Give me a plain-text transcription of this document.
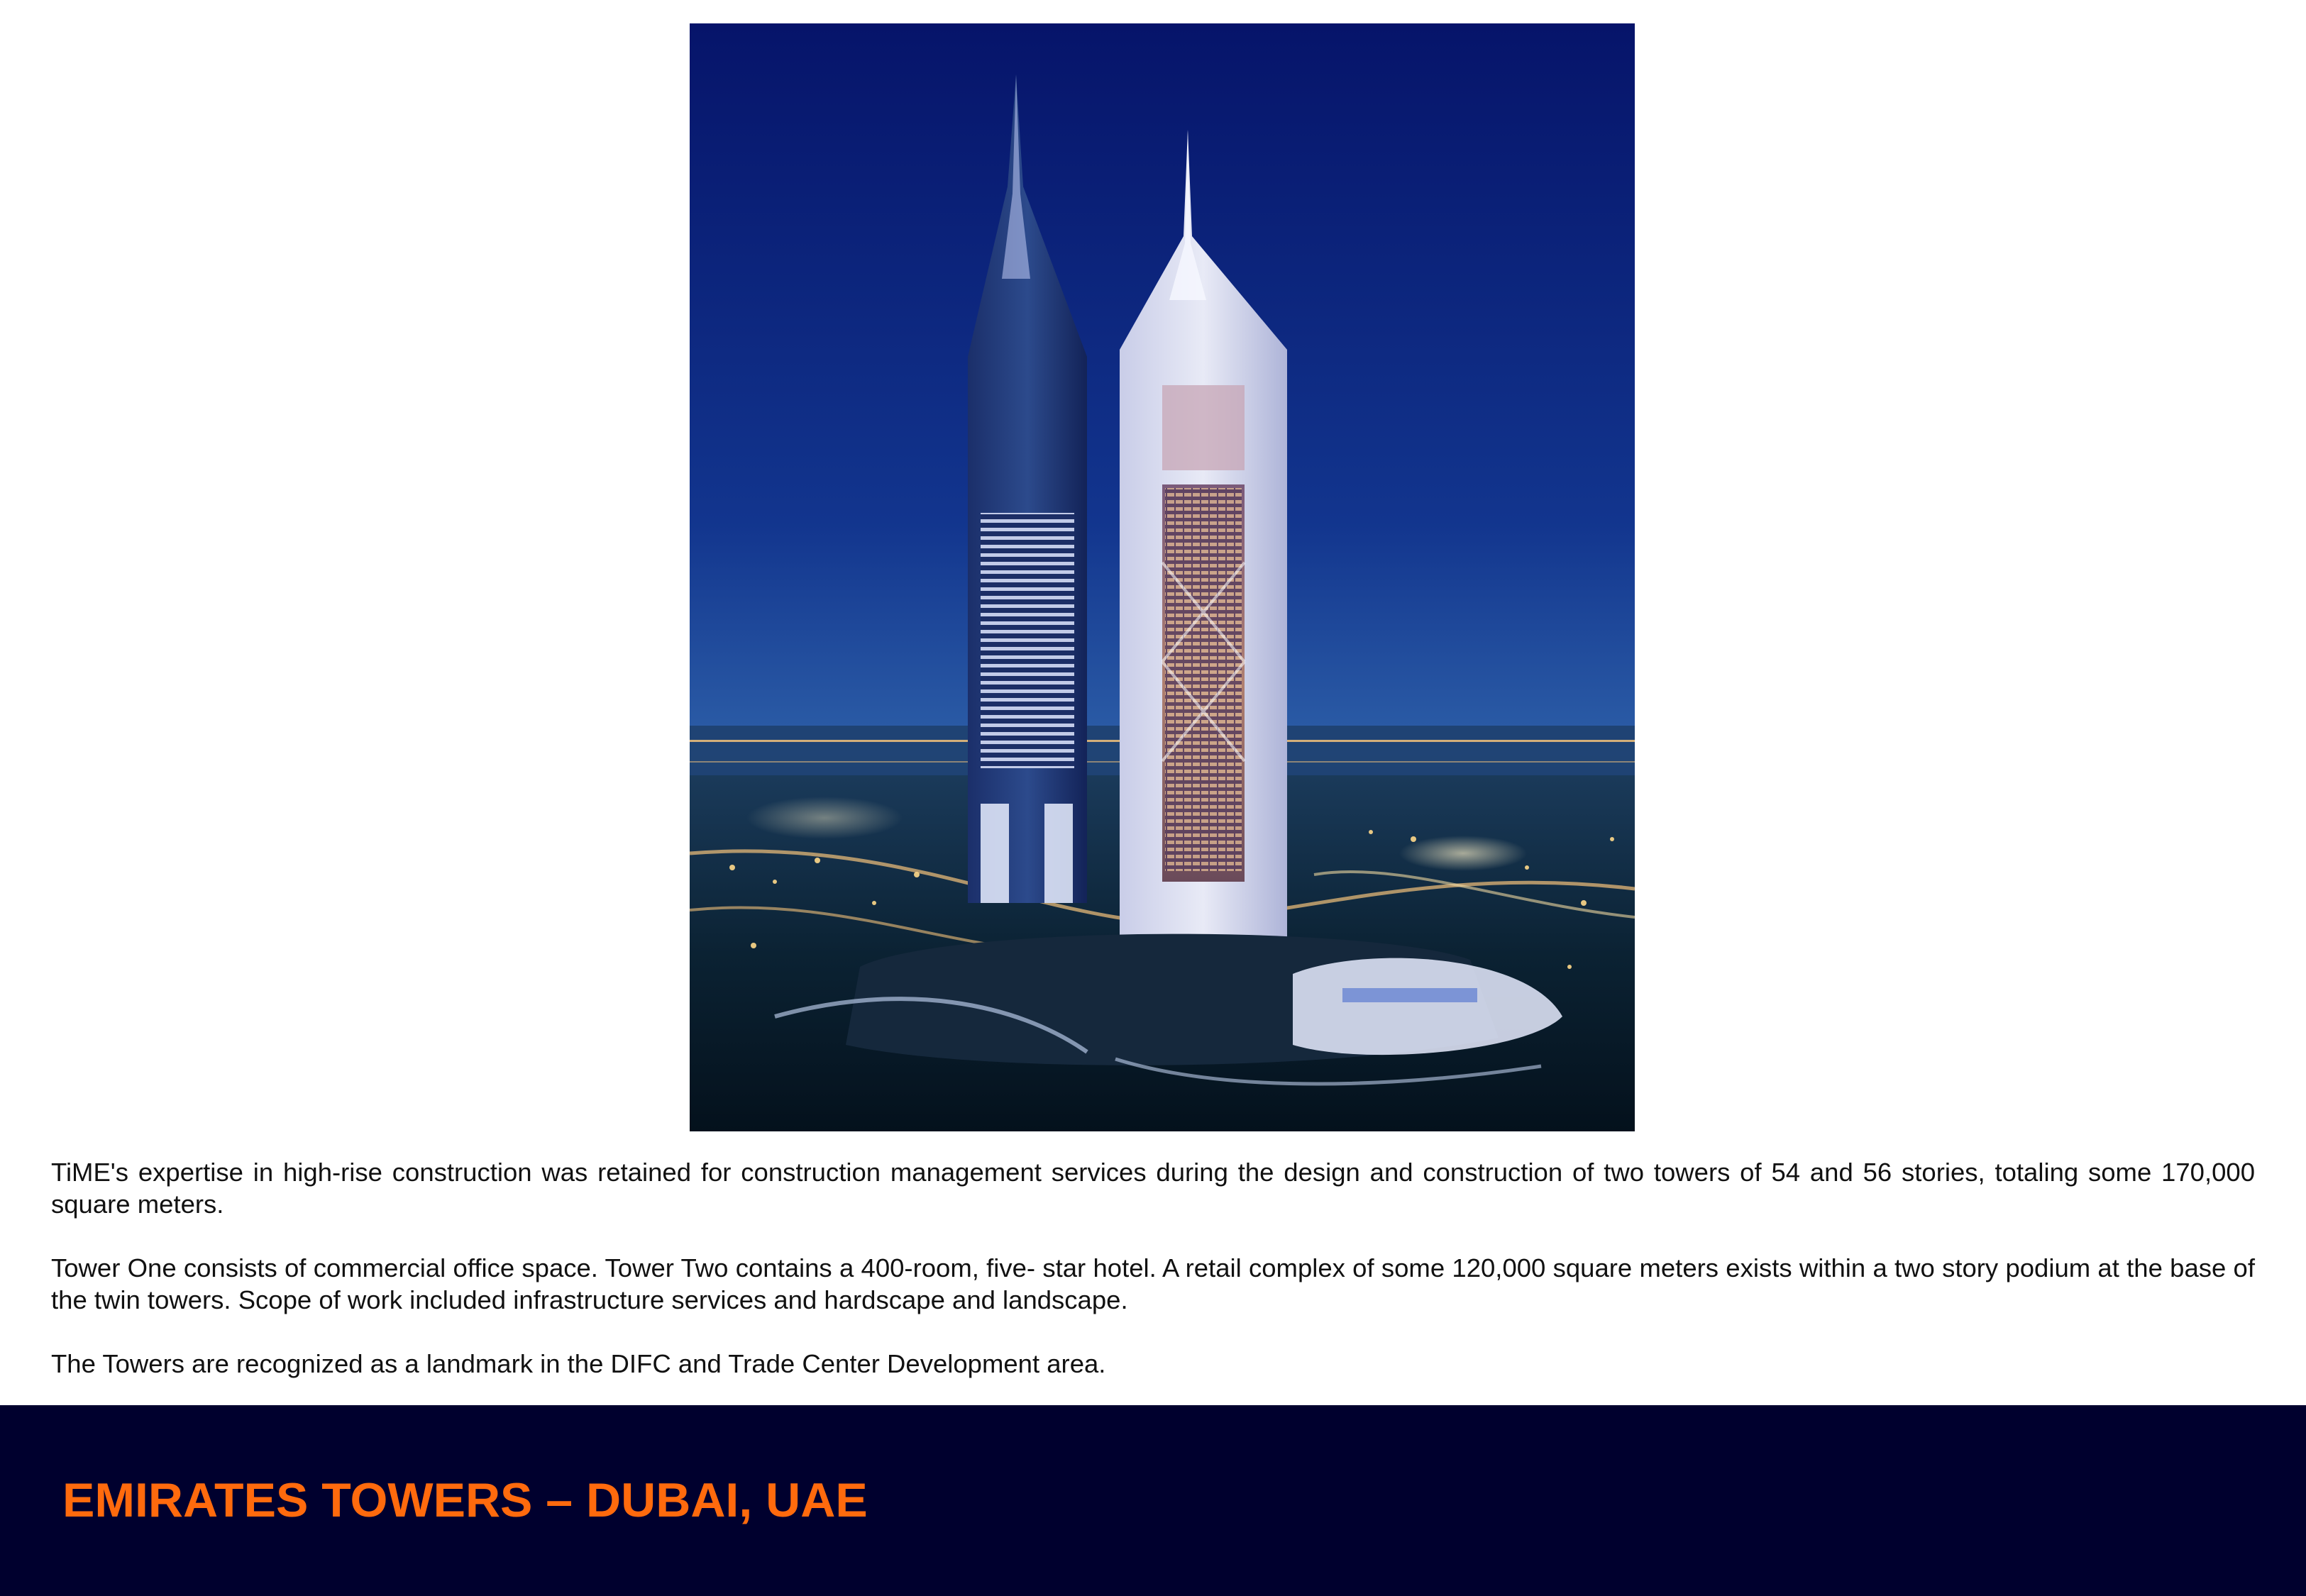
TiME's expertise in high-rise construction was retained for construction management services during the design and construction of two towers of 54 and 56 stories, totaling some 170,000 square meters.

Tower One consists of commercial office space. Tower Two contains a 400-room, five- star hotel. A retail complex of some 120,000 square meters exists within a two story podium at the base of the twin towers. Scope of work included infrastructure services and hardscape and landscape.

The Towers are recognized as a landmark in the DIFC and Trade Center Development area.

EMIRATES TOWERS – DUBAI, UAE
